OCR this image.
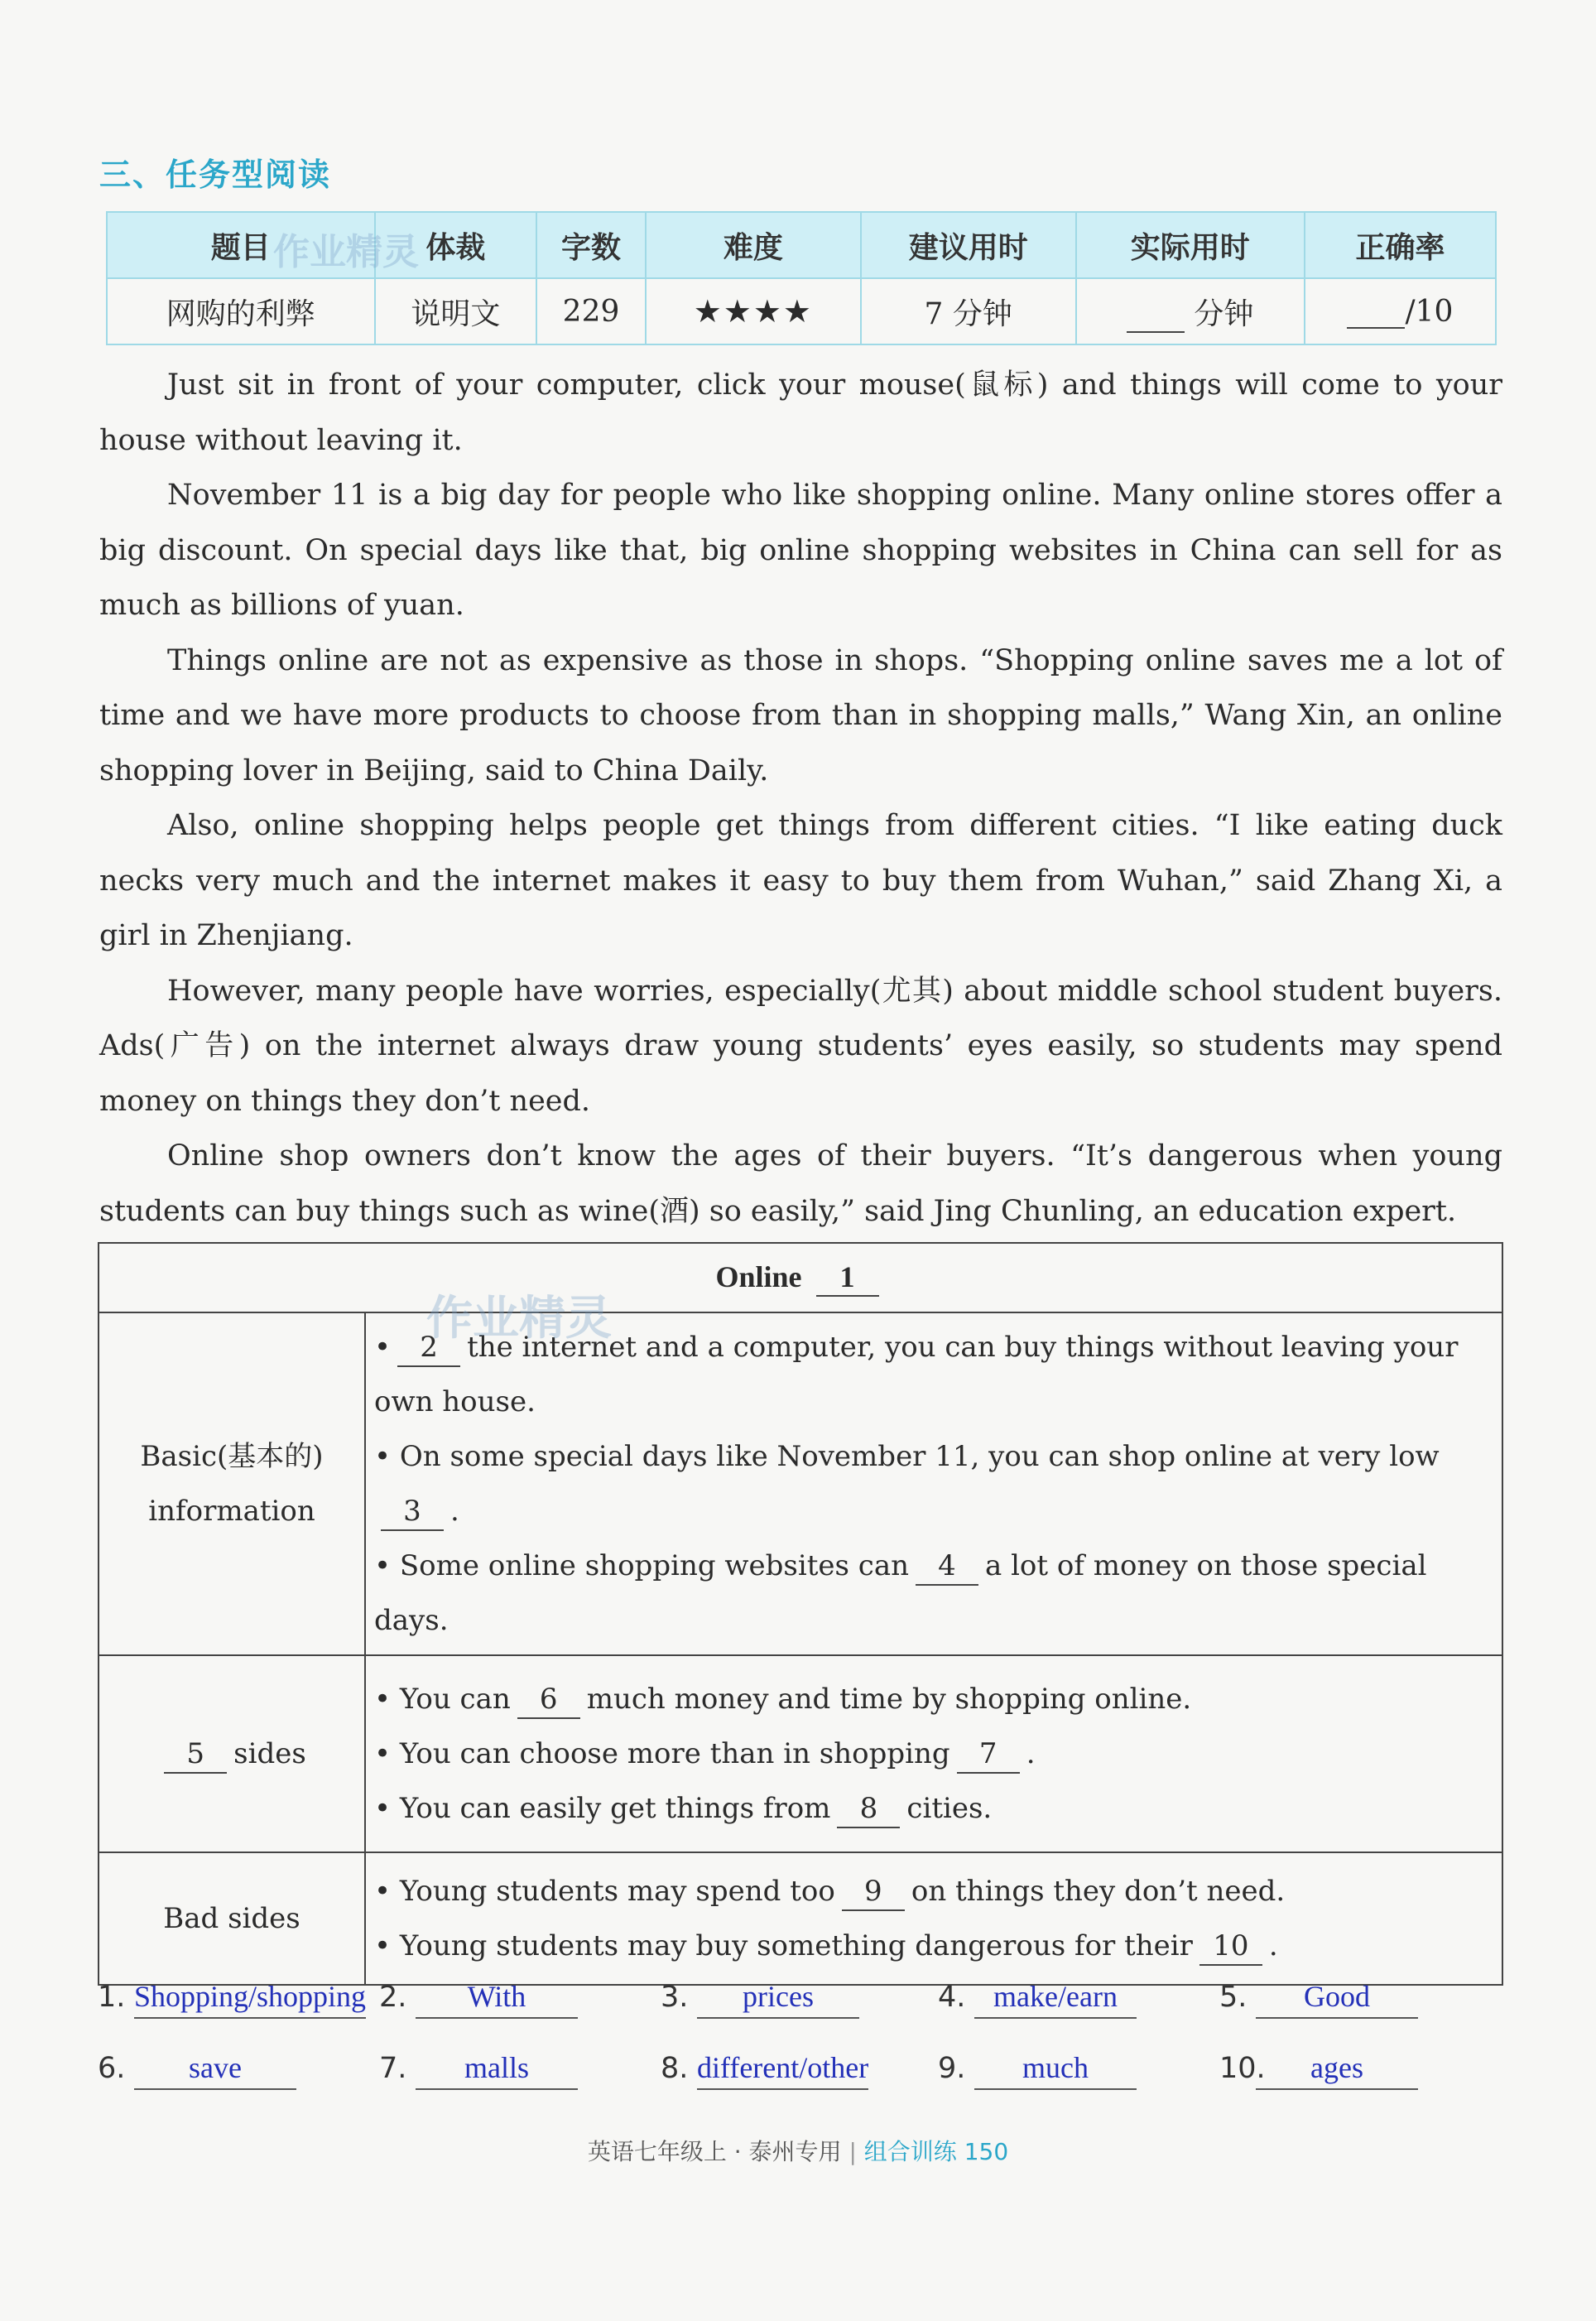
三、任务型阅读
题目	体裁	字数	难度	建议用时	实际用时	正确率
网购的利弊	说明文	229	★★★★	7 分钟	分钟	/10

Just sit in front of your computer, click your mouse(鼠标) and things will come to your house without leaving it.

November 11 is a big day for people who like shopping online. Many online stores offer a big discount. On special days like that, big online shopping websites in China can sell for as much as billions of yuan.

Things online are not as expensive as those in shops. “Shopping online saves me a lot of time and we have more products to choose from than in shopping malls,” Wang Xin, an online shopping lover in Beijing, said to China Daily.

Also, online shopping helps people get things from different cities. “I like eating duck necks very much and the internet makes it easy to buy them from Wuhan,” said Zhang Xi, a girl in Zhenjiang.

However, many people have worries, especially(尤其) about middle school student buyers. Ads(广告) on the internet always draw young students’ eyes easily, so students may spend money on things they don’t need.

Online shop owners don’t know the ages of their buyers. “It’s dangerous when young students can buy things such as wine(酒) so easily,” said Jing Chunling, an education expert.

Online 1	

Basic(基本的)
information	• 2 the internet and a computer, you can buy things without leaving your own house.
• On some special days like November 11, you can shop online at very low
3 .
• Some online shopping websites can 4 a lot of money on those special days.

5 sides	• You can 6 much money and time by shopping online.
• You can choose more than in shopping 7 .
• You can easily get things from 8 cities.

Bad sides	• Young students may spend too 9 on things they don’t need.
• Young students may buy something dangerous for their 10 .
1. Shopping/shopping 2. With	3. prices	4. make/earn	5. Good
6. save	7. malls	8. different/other 9. much	10. ages
英语七年级上 · 泰州专用 | 组合训练 150
作业精灵
作业精灵
